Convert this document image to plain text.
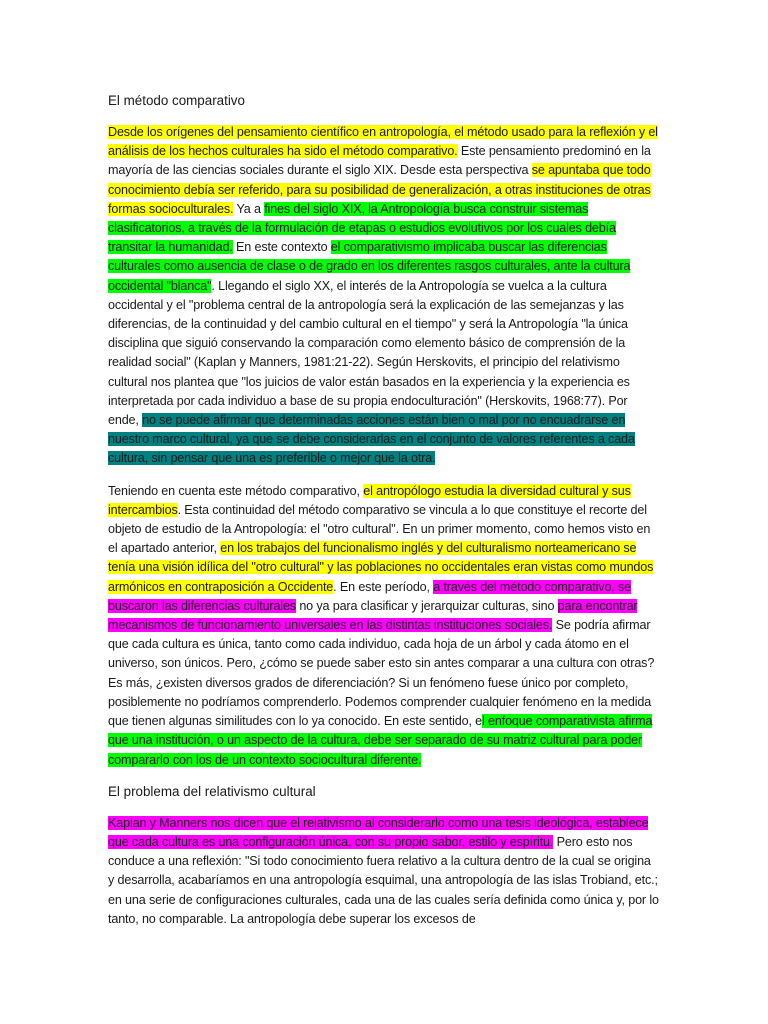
El método comparativo

Desde los orígenes del pensamiento científico en antropología, el método usado para la reflexión y el análisis de los hechos culturales ha sido el método comparativo. Este pensamiento predominó en la mayoría de las ciencias sociales durante el siglo XIX. Desde esta perspectiva se apuntaba que todo conocimiento debía ser referido, para su posibilidad de generalización, a otras instituciones de otras formas socioculturales. Ya a fines del siglo XIX, la Antropología busca construir sistemas clasificatorios, a través de la formulación de etapas o estudios evolutivos por los cuales debía transitar la humanidad. En este contexto el comparativismo implicaba buscar las diferencias culturales como ausencia de clase o de grado en los diferentes rasgos culturales, ante la cultura occidental "blanca". Llegando el siglo XX, el interés de la Antropología se vuelca a la cultura occidental y el "problema central de la antropología será la explicación de las semejanzas y las diferencias, de la continuidad y del cambio cultural en el tiempo" y será la Antropología "la única disciplina que siguió conservando la comparación como elemento básico de comprensión de la realidad social" (Kaplan y Manners, 1981:21-22). Según Herskovits, el principio del relativismo cultural nos plantea que "los juicios de valor están basados en la experiencia y la experiencia es interpretada por cada individuo a base de su propia endoculturación" (Herskovits, 1968:77). Por ende, no se puede afirmar que determinadas acciones están bien o mal por no encuadrarse en nuestro marco cultural, ya que se debe considerarlas en el conjunto de valores referentes a cada cultura, sin pensar que una es preferible o mejor que la otra.

Teniendo en cuenta este método comparativo, el antropólogo estudia la diversidad cultural y sus intercambios. Esta continuidad del método comparativo se vincula a lo que constituye el recorte del objeto de estudio de la Antropología: el "otro cultural". En un primer momento, como hemos visto en el apartado anterior, en los trabajos del funcionalismo inglés y del culturalismo norteamericano se tenía una visión idílica del "otro cultural" y las poblaciones no occidentales eran vistas como mundos armónicos en contraposición a Occidente. En este período, a través del método comparativo, se buscaron las diferencias culturales no ya para clasificar y jerarquizar culturas, sino para encontrar mecanismos de funcionamiento universales en las distintas instituciones sociales. Se podría afirmar que cada cultura es única, tanto como cada individuo, cada hoja de un árbol y cada átomo en el universo, son únicos. Pero, ¿cómo se puede saber esto sin antes comparar a una cultura con otras? Es más, ¿existen diversos grados de diferenciación? Si un fenómeno fuese único por completo, posiblemente no podríamos comprenderlo. Podemos comprender cualquier fenómeno en la medida que tienen algunas similitudes con lo ya conocido. En este sentido, el enfoque comparativista afirma que una institución, o un aspecto de la cultura, debe ser separado de su matriz cultural para poder compararlo con los de un contexto sociocultural diferente.

El problema del relativismo cultural

Kaplan y Manners nos dicen que el relativismo al considerarlo como una tesis ideológica, establece que cada cultura es una configuración única, con su propio sabor, estilo y espíritu. Pero esto nos conduce a una reflexión: "Si todo conocimiento fuera relativo a la cultura dentro de la cual se origina y desarrolla, acabaríamos en una antropología esquimal, una antropología de las islas Trobiand, etc.; en una serie de configuraciones culturales, cada una de las cuales sería definida como única y, por lo tanto, no comparable. La antropología debe superar los excesos de
